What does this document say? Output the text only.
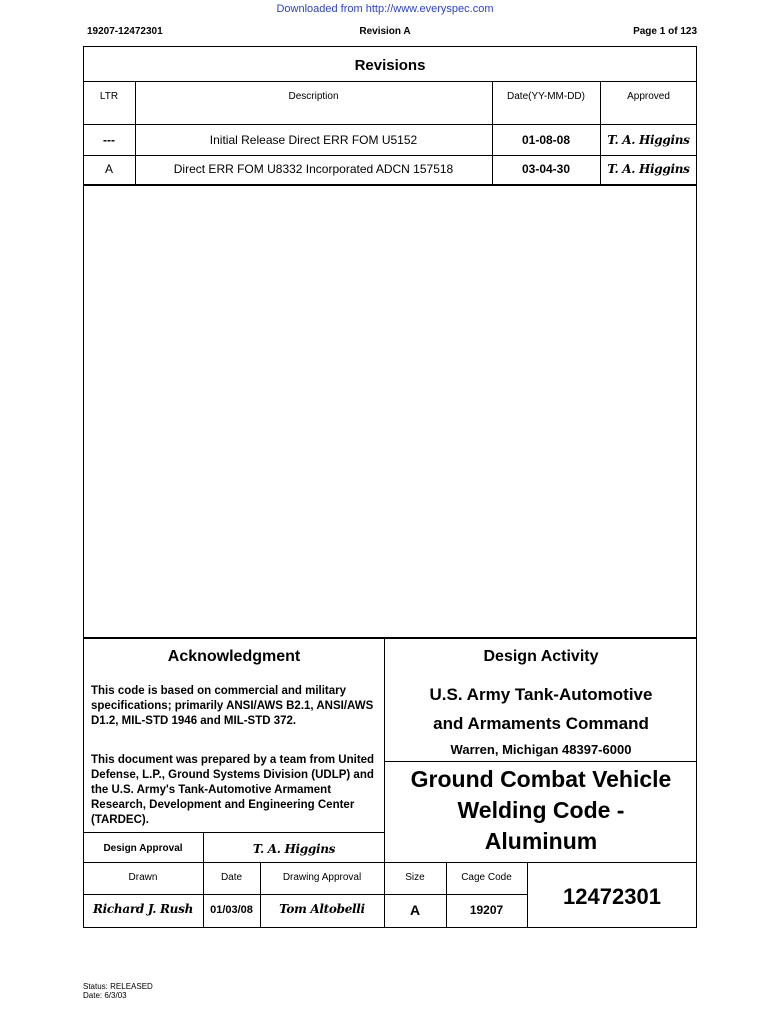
Downloaded from http://www.everyspec.com
19207-12472301	Revision A	Page 1 of 123
Revisions
LTR	Description	Date(YY-MM-DD)	Approved
---	Initial Release Direct ERR FOM U5152	01-08-08	T. A. Higgins
A	Direct ERR FOM U8332 Incorporated ADCN 157518	03-04-30	T. A. Higgins
Acknowledgment
This code is based on commercial and military specifications; primarily ANSI/AWS B2.1, ANSI/AWS D1.2, MIL-STD 1946 and MIL-STD 372.
This document was prepared by a team from United Defense, L.P., Ground Systems Division (UDLP) and the U.S. Army's Tank-Automotive Armament Research, Development and Engineering Center (TARDEC).
Design Activity
U.S. Army Tank-Automotive
and Armaments Command
Warren, Michigan 48397-6000
Ground Combat Vehicle
Welding Code -
Aluminum
Design Approval	T. A. Higgins
Drawn	Date	Drawing Approval	Size	Cage Code
Richard J. Rush	01/03/08	Tom Altobelli	A	19207
12472301
Status: RELEASED
Date: 6/3/03
